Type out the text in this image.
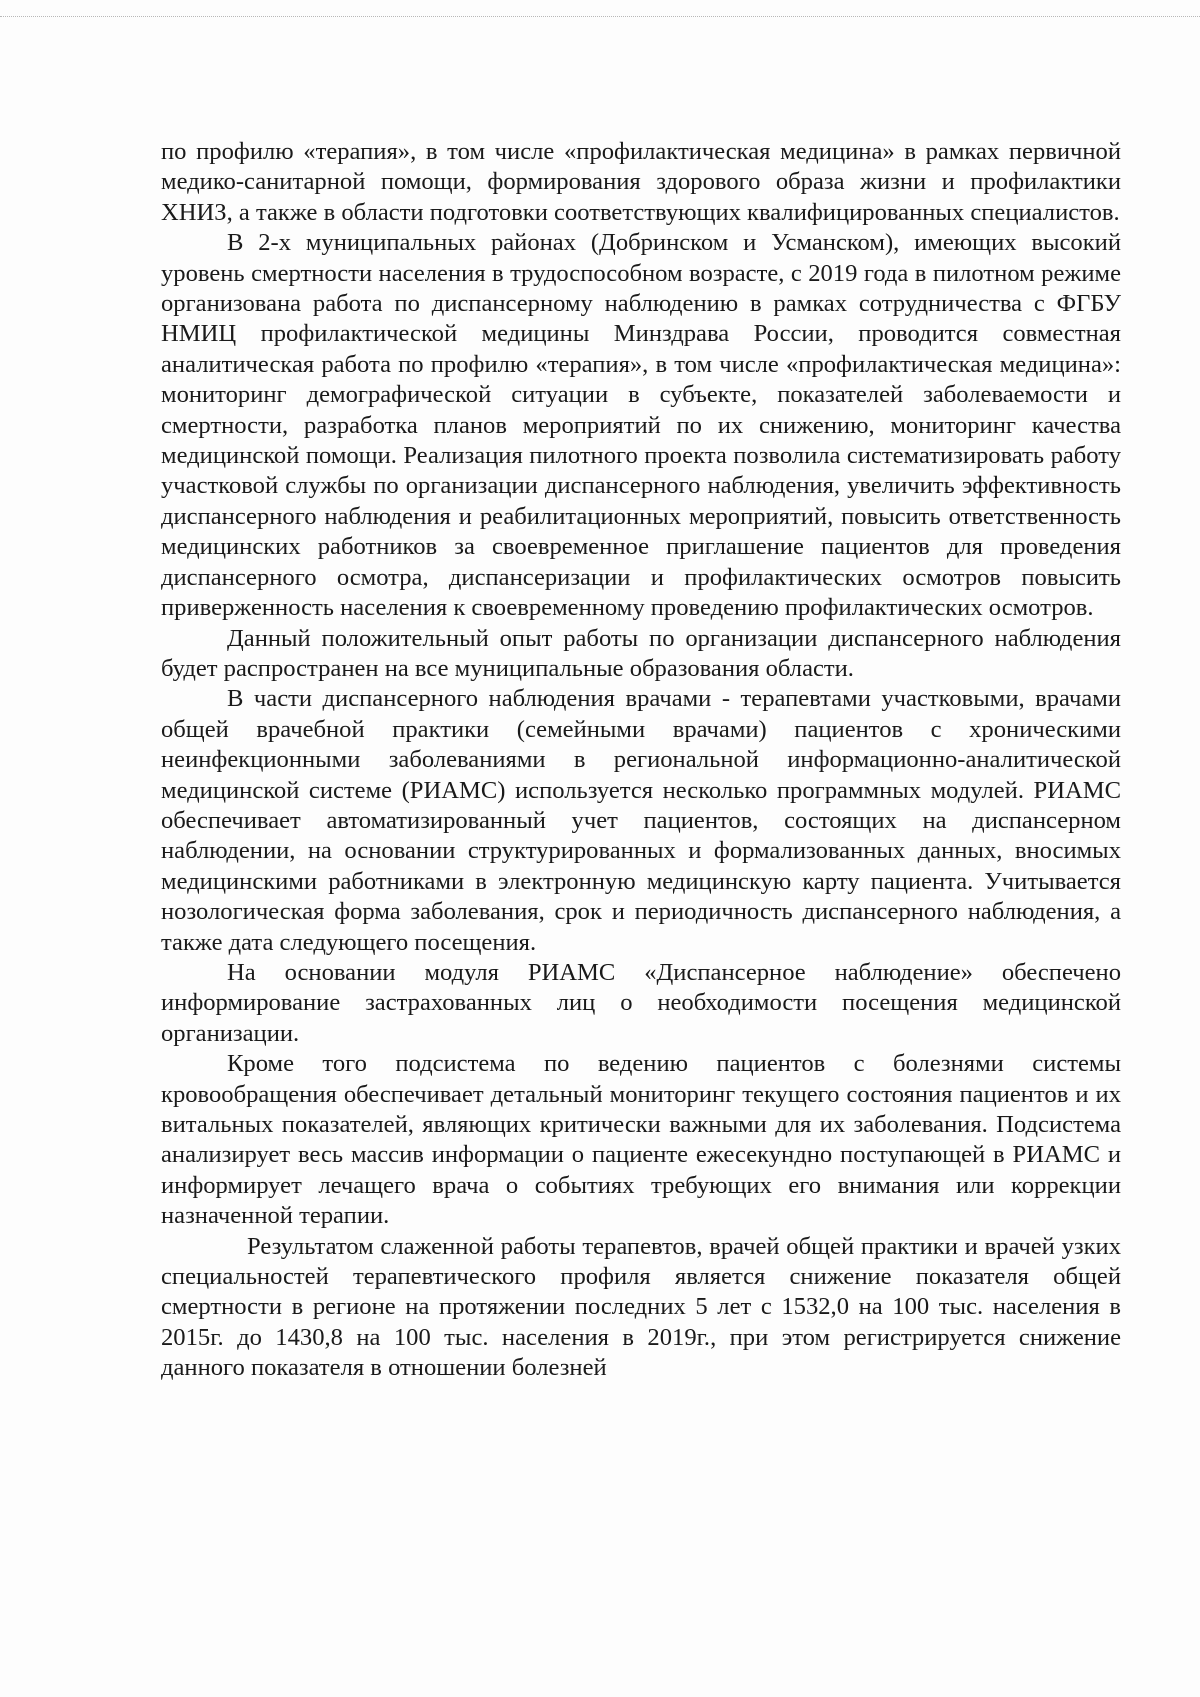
по профилю «терапия», в том числе «профилактическая медицина» в рамках первичной медико-санитарной помощи, формирования здорового образа жизни и профилактики ХНИЗ, а также в области подготовки соответствующих квалифицированных специалистов.

В 2-х муниципальных районах (Добринском и Усманском), имеющих высокий уровень смертности населения в трудоспособном возрасте, с 2019 года в пилотном режиме организована работа по диспансерному наблюдению в рамках сотрудничества с ФГБУ НМИЦ профилактической медицины Минздрава России, проводится совместная аналитическая работа по профилю «терапия», в том числе «профилактическая медицина»: мониторинг демографической ситуации в субъекте, показателей заболеваемости и смертности, разработка планов мероприятий по их снижению, мониторинг качества медицинской помощи. Реализация пилотного проекта позволила систематизировать работу участковой службы по организации диспансерного наблюдения, увеличить эффективность диспансерного наблюдения и реабилитационных мероприятий, повысить ответственность медицинских работников за своевременное приглашение пациентов для проведения диспансерного осмотра, диспансеризации и профилактических осмотров повысить приверженность населения к своевременному проведению профилактических осмотров.

Данный положительный опыт работы по организации диспансерного наблюдения будет распространен на все муниципальные образования области.

В части диспансерного наблюдения врачами - терапевтами участковыми, врачами общей врачебной практики (семейными врачами) пациентов с хроническими неинфекционными заболеваниями в региональной информационно-аналитической медицинской системе (РИАМС) используется несколько программных модулей. РИАМС обеспечивает автоматизированный учет пациентов, состоящих на диспансерном наблюдении, на основании структурированных и формализованных данных, вносимых медицинскими работниками в электронную медицинскую карту пациента. Учитывается нозологическая форма заболевания, срок и периодичность диспансерного наблюдения, а также дата следующего посещения.

На основании модуля РИАМС «Диспансерное наблюдение» обеспечено информирование застрахованных лиц о необходимости посещения медицинской организации.

Кроме того подсистема по ведению пациентов с болезнями системы кровообращения обеспечивает детальный мониторинг текущего состояния пациентов и их витальных показателей, являющих критически важными для их заболевания. Подсистема анализирует весь массив информации о пациенте ежесекундно поступающей в РИАМС и информирует лечащего врача о событиях требующих его внимания или коррекции назначенной терапии.

Результатом слаженной работы терапевтов, врачей общей практики и врачей узких специальностей терапевтического профиля является снижение показателя общей смертности в регионе на протяжении последних 5 лет с 1532,0 на 100 тыс. населения в 2015г. до 1430,8 на 100 тыс. населения в 2019г., при этом регистрируется снижение данного показателя в отношении болезней
